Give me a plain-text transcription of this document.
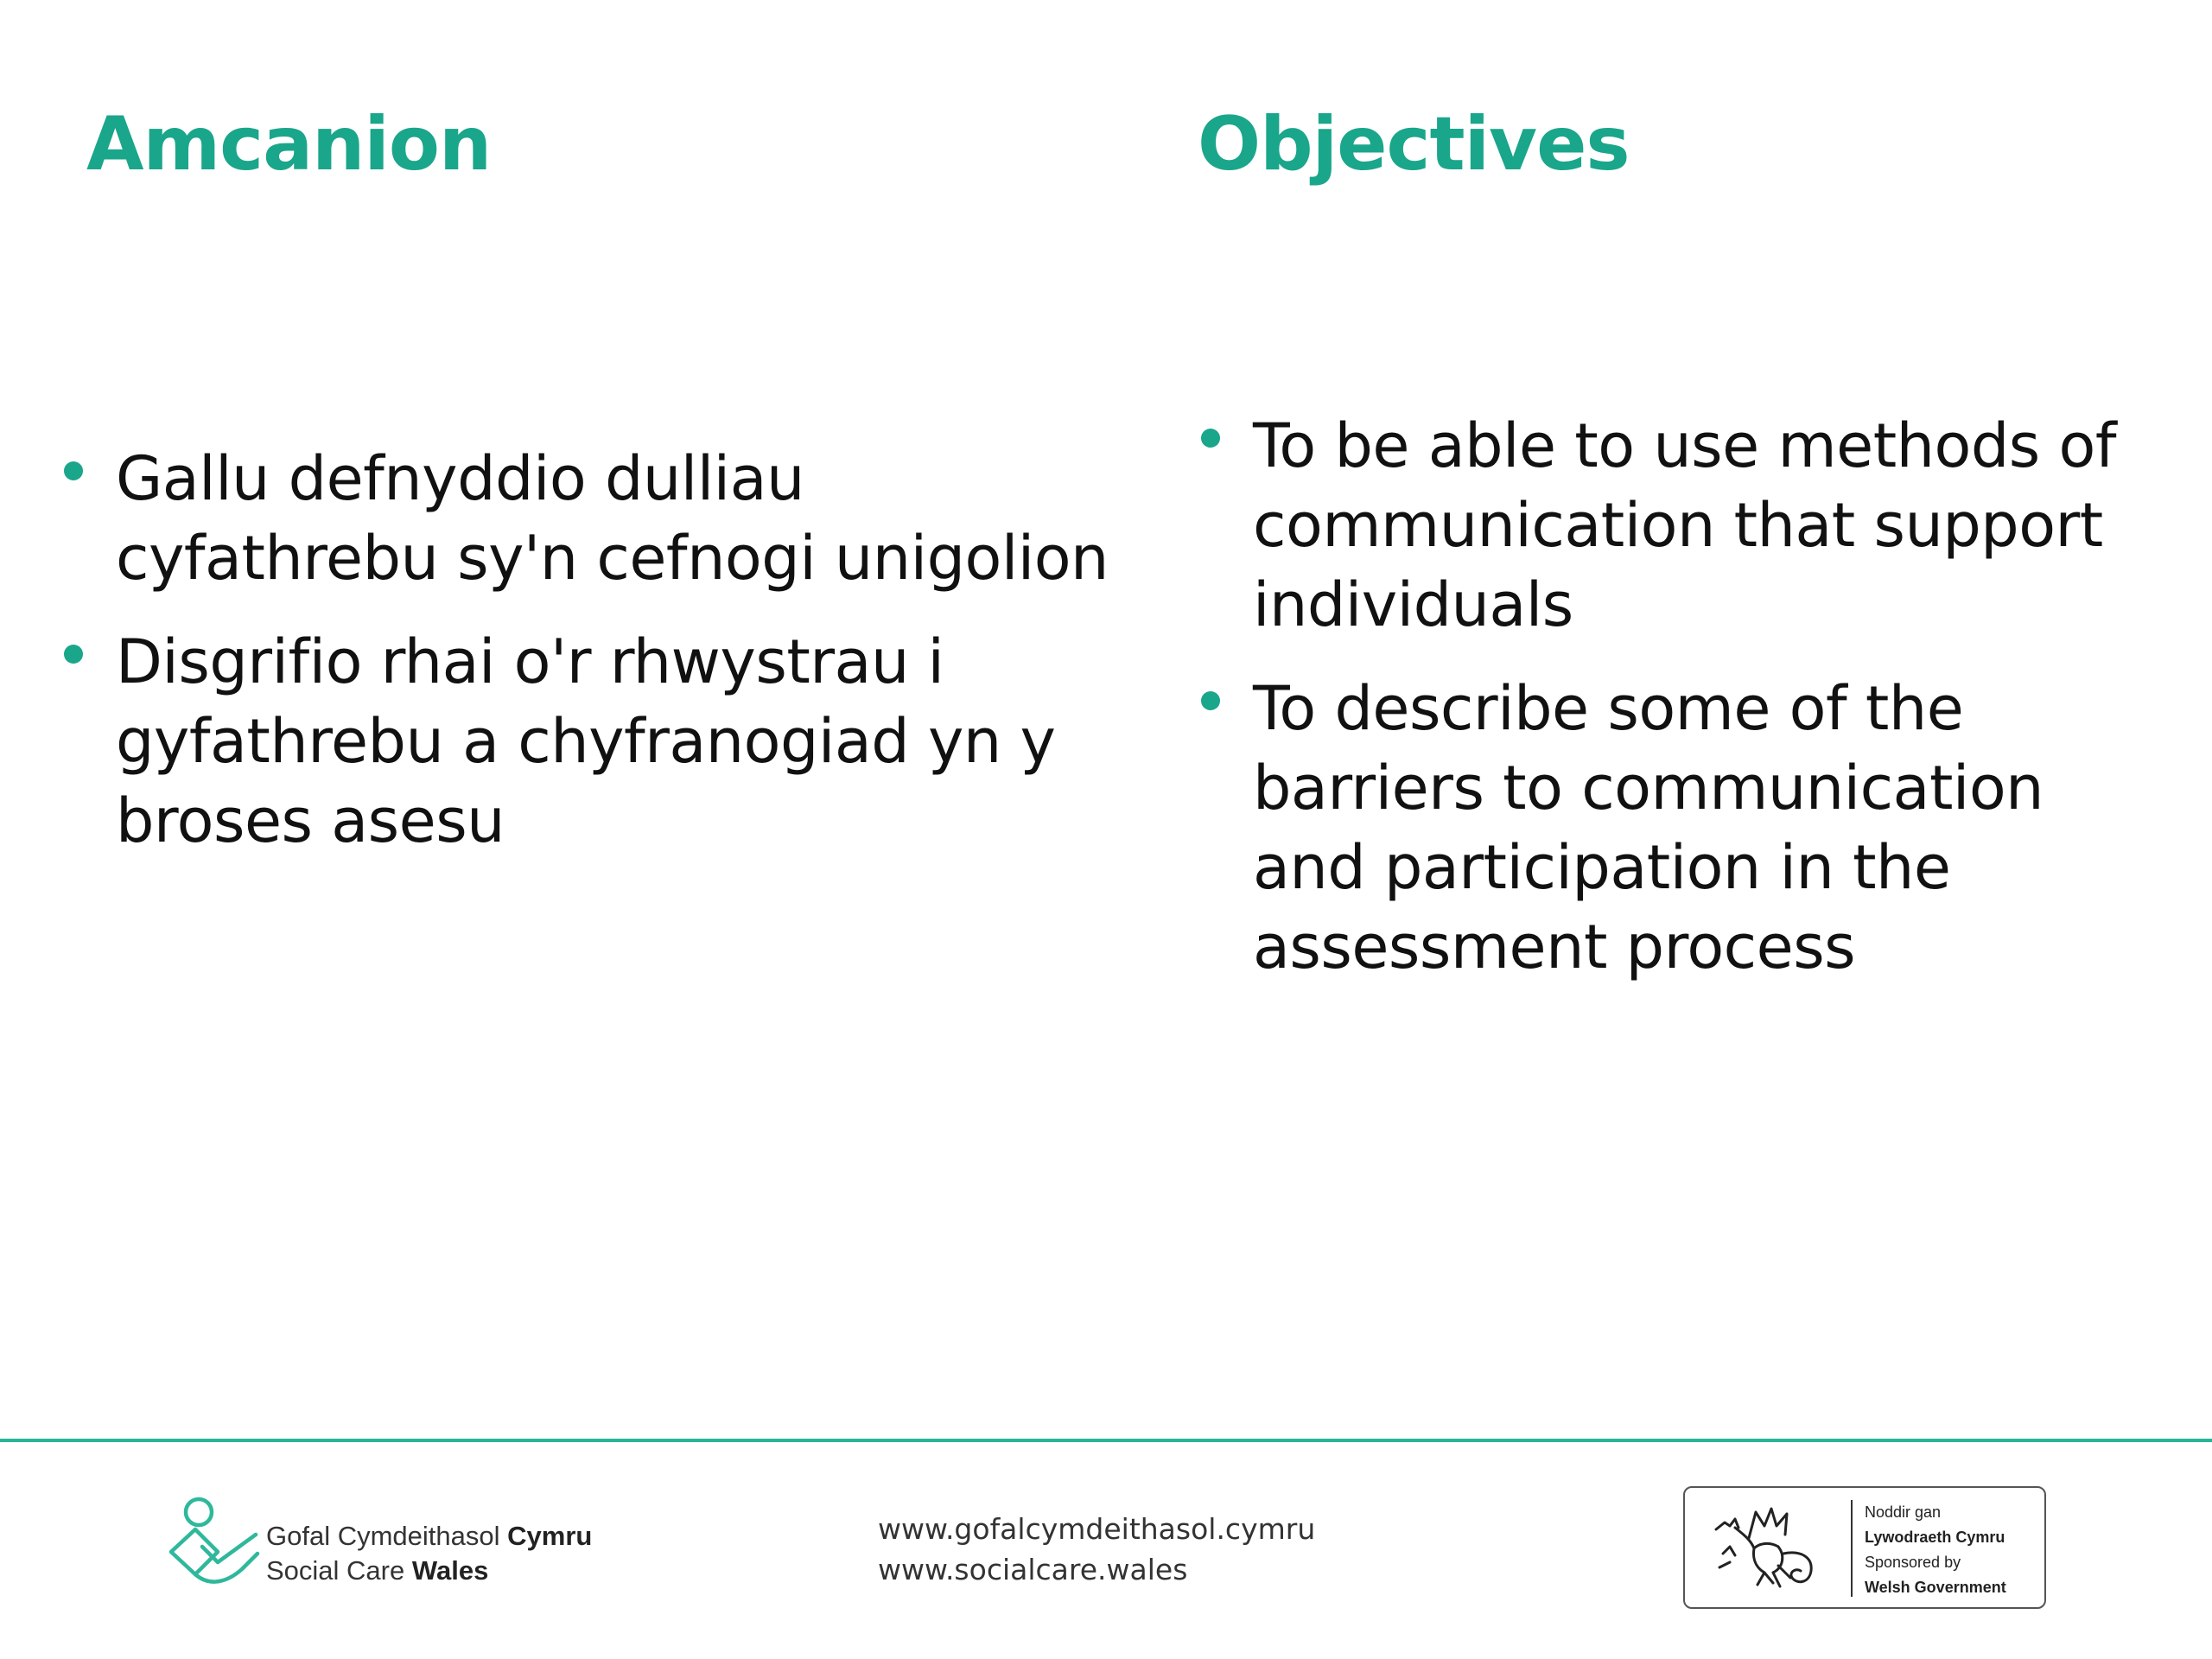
Amcanion	Objectives
Gallu defnyddio dulliau cyfathrebu sy'n cefnogi unigolion
Disgrifio rhai o'r rhwystrau i gyfathrebu a chyfranogiad yn y broses asesu
To be able to use methods of communication that support individuals
To describe some of the barriers to communication and participation in the assessment process
Gofal Cymdeithasol Cymru
Social Care Wales
www.gofalcymdeithasol.cymru
www.socialcare.wales
Noddir gan
Lywodraeth Cymru
Sponsored by
Welsh Government
